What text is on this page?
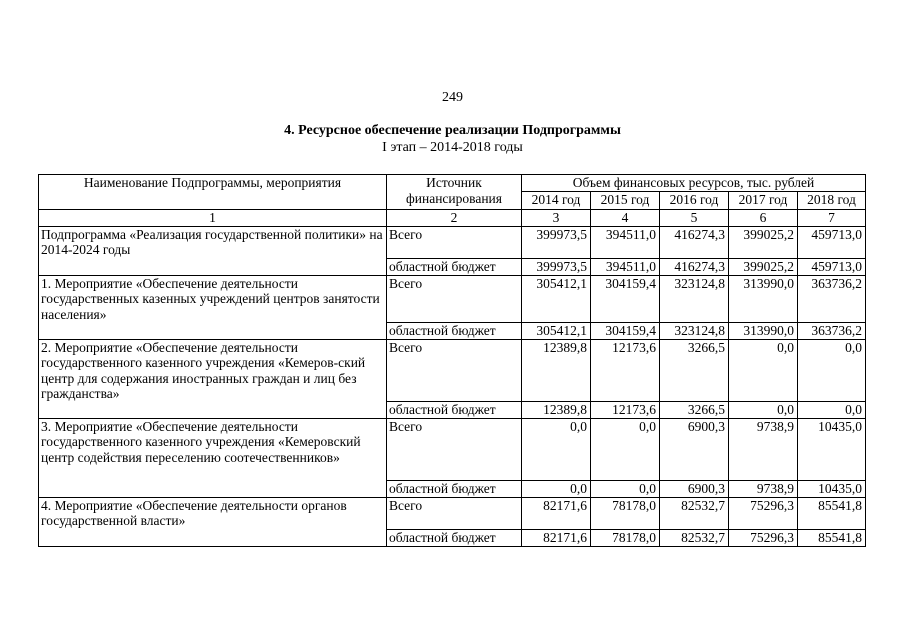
249
4. Ресурсное обеспечение реализации Подпрограммы
I этап – 2014-2018 годы
Наименование Подпрограммы, мероприятия	Источник финансирования	Объем финансовых ресурсов, тыс. рублей				
		2014 год	2015 год	2016 год	2017 год	2018 год
1	2	3	4	5	6	7
Подпрограмма «Реализация государственной политики» на 2014-2024 годы	Всего	399973,5	394511,0	416274,3	399025,2	459713,0
	областной бюджет	399973,5	394511,0	416274,3	399025,2	459713,0
1. Мероприятие «Обеспечение деятельности государственных казенных учреждений центров занятости населения»	Всего	305412,1	304159,4	323124,8	313990,0	363736,2
	областной бюджет	305412,1	304159,4	323124,8	313990,0	363736,2
2. Мероприятие «Обеспечение деятельности государственного казенного учреждения «Кемеров-ский центр для содержания иностранных граждан и лиц без гражданства»	Всего	12389,8	12173,6	3266,5	0,0	0,0
	областной бюджет	12389,8	12173,6	3266,5	0,0	0,0
3. Мероприятие «Обеспечение деятельности государственного казенного учреждения «Кемеровский центр содействия переселению соотечественников»	Всего	0,0	0,0	6900,3	9738,9	10435,0
	областной бюджет	0,0	0,0	6900,3	9738,9	10435,0
4. Мероприятие «Обеспечение деятельности органов государственной власти»	Всего	82171,6	78178,0	82532,7	75296,3	85541,8
	областной бюджет	82171,6	78178,0	82532,7	75296,3	85541,8
